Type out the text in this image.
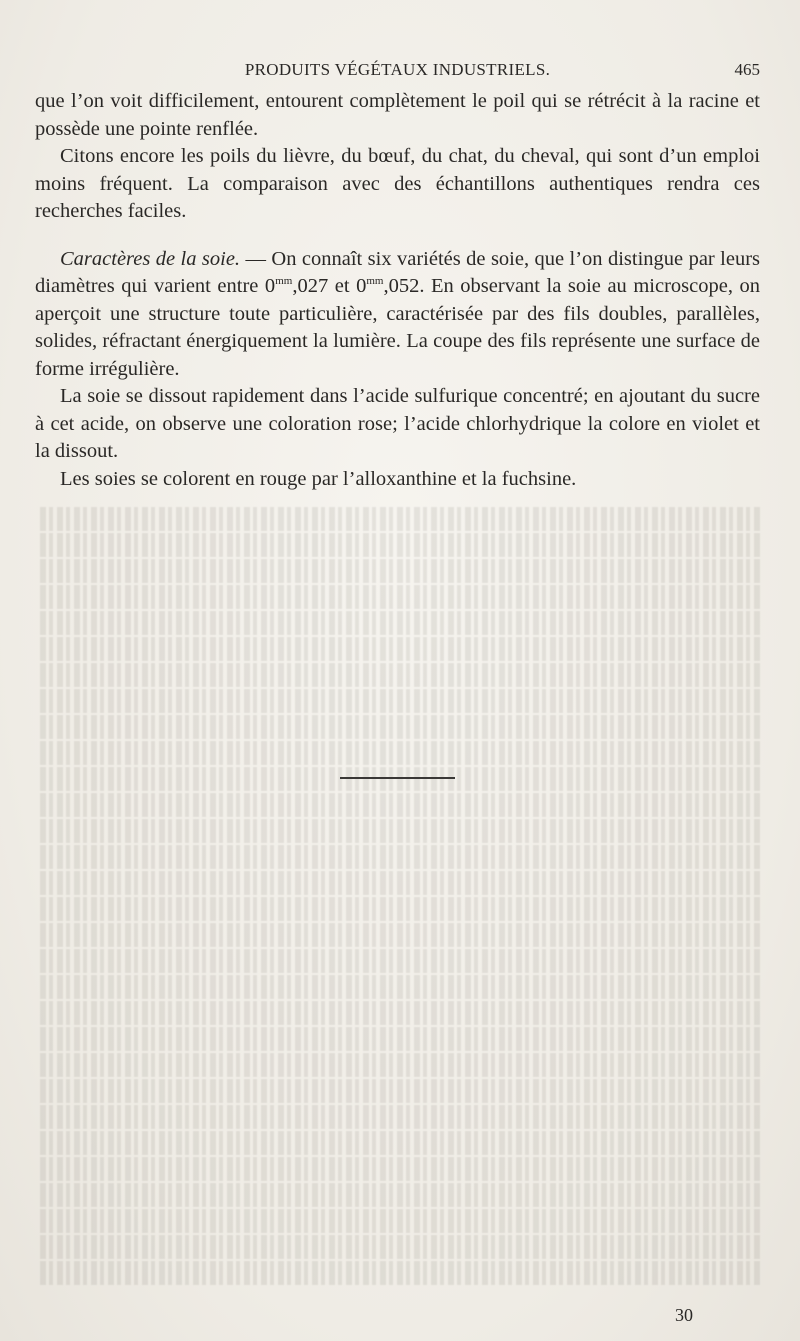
PRODUITS VÉGÉTAUX INDUSTRIELS.	465

que l’on voit difficilement, entourent complètement le poil qui se rétrécit à la racine et possède une pointe renflée.

Citons encore les poils du lièvre, du bœuf, du chat, du cheval, qui sont d’un emploi moins fréquent. La comparaison avec des échantillons authentiques rendra ces recherches faciles.

Caractères de la soie. — On connaît six variétés de soie, que l’on distingue par leurs diamètres qui varient entre $0^{mm},027$ et $0^{mm},052$. En observant la soie au microscope, on aperçoit une structure toute particulière, caractérisée par des fils doubles, parallèles, solides, réfractant énergiquement la lumière. La coupe des fils représente une surface de forme irrégulière.

La soie se dissout rapidement dans l’acide sulfurique concentré; en ajoutant du sucre à cet acide, on observe une coloration rose; l’acide chlorhydrique la colore en violet et la dissout.

Les soies se colorent en rouge par l’alloxanthine et la fuchsine.

30
